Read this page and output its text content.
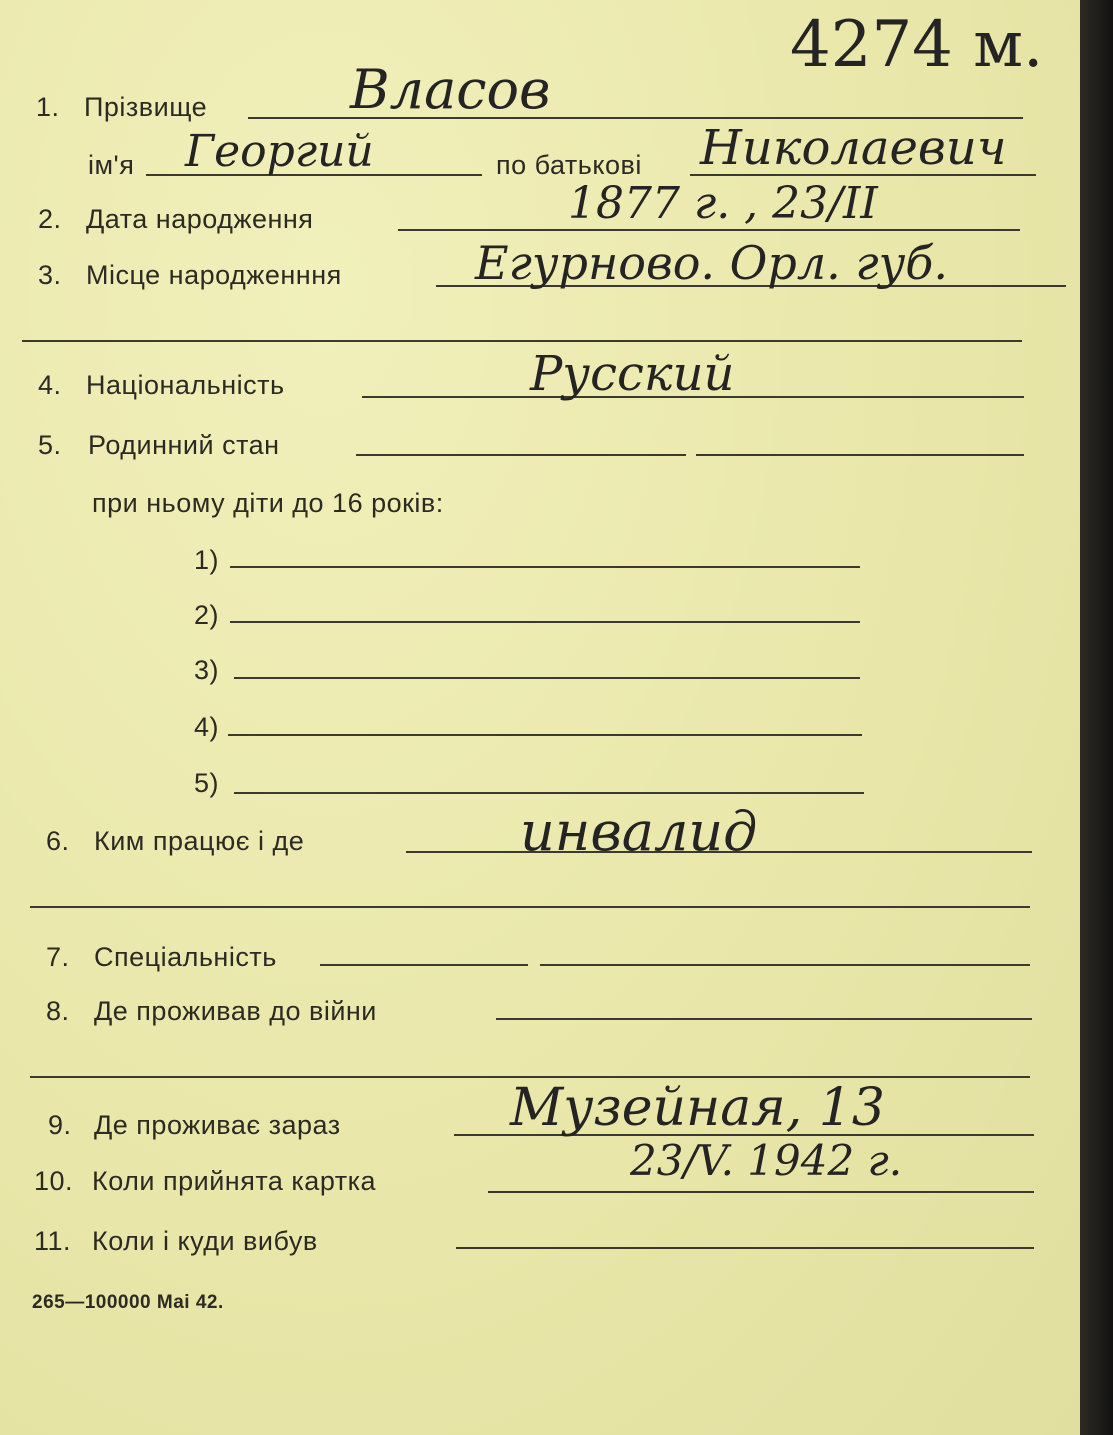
4274 м.
1. Прізвище	Власов
ім'я Георгий	по батькові Николаевич
2. Дата народження	1877 г. , 23/II
3. Місце народженння	Егурново. Орл. губ.
4. Національність	Русский
5. Родинний стан
при ньому діти до 16 років:
1)
2)
3)
4)
5)
6. Ким працює і де	инвалид
7. Спеціальність
8. Де проживав до війни
9. Де проживає зараз	Музейная, 13
10. Коли прийнята картка	23/V. 1942 г.
11. Коли і куди вибув
265—100000 Mai 42.
